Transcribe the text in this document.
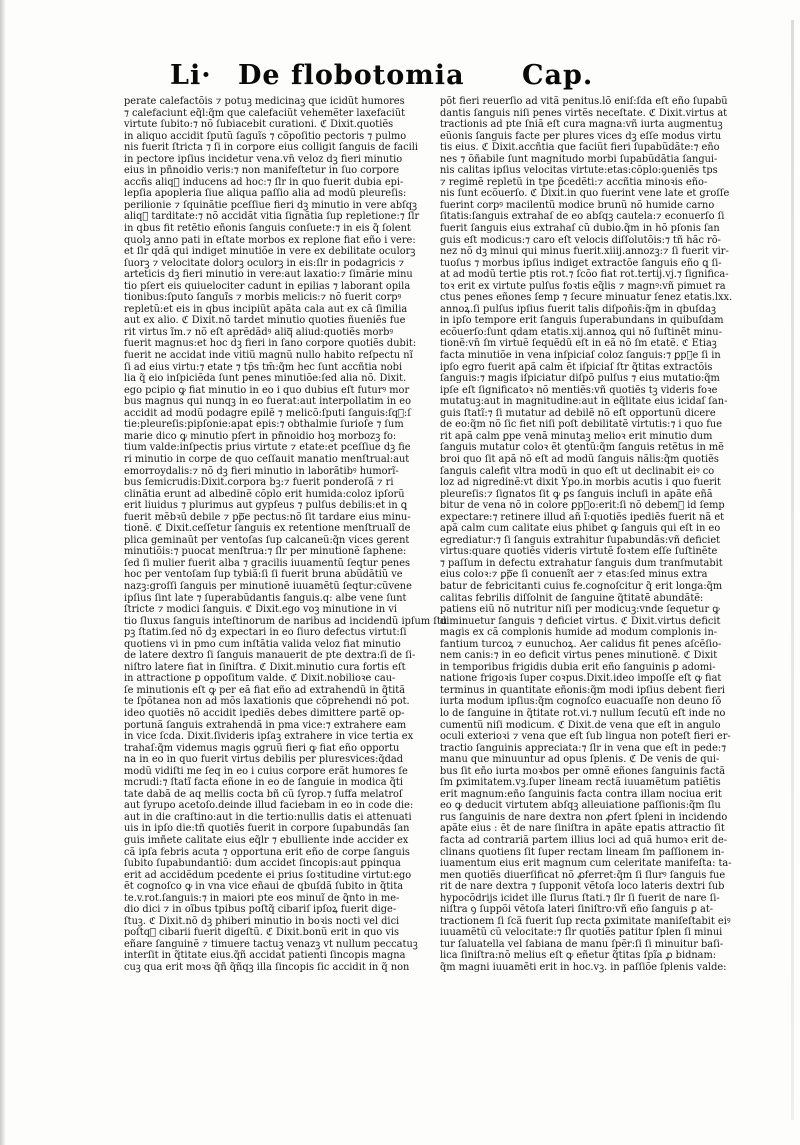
Li· De flobotomia Cap.
perate calefactõis ⁊ potuꝫ medicinaꝫ que icidũt humores
⁊ calefaciunt eq̃l:q̃m que calefaciũt vehemẽter laxefaciũt
virtute ſubito:⁊ nõ ſubiacebit curationi. ℭ Dixit.quotiẽs
in aliquo accidit ſputũ ſaguĩs ⁊ cõpoſitio pectoris ⁊ pulmo
nis fuerit ſtricta ⁊ ſi in corpore eius colligit ſanguis de facili
in pectore ipſius incidetur vena.vn̄ veloz dꝫ fieri minutio
eius in pñnoidio veris:⁊ non manifeſtetur in ſuo corpore
accñs aliqᷓ inducens ad hoc:⁊ ſlr in quo fuerit dubia epi-
lepſia apopleria ſiue aliqua paſſio alia ad modũ pleureſis:
perilionie ⁊ ſquinãtie pceſſiue fieri dꝫ minutio in vere abſqꝫ
aliqᷓ tarditate:⁊ nõ accidãt vitia ſignãtia ſup repletione:⁊ ſlr
in qbus fit retẽtio eñonis ſanguis conſuete:⁊ in eis q̃ ſolent
quolꝫ anno pati in eſtate morbos ex replone fiat eño i vere:
et ſlr qdã qui indiget minutiõe in vere ex debilitate oculorꝫ
ſuorꝫ ⁊ velocitate dolorꝫ oculorꝫ in eis:ſlr in podagricis ⁊
arteticis dꝫ fieri minutio in vere:aut laxatio:⁊ ſimãrie minu
tio pſert eis quiuelociter cadunt in epilias ⁊ laborant opila
tionibus:ſputo ſanguĩs ⁊ morbis melicis:⁊ nõ fuerit corpꝰ
repletũ:et eis in qbus incipiũt apãta cala aut ex cã ſimilia
aut ex alio. ℭ Dixit.nõ tardet minutio quoties ñueniẽs fue
rit virtus ĩm.⁊ nõ eſt aprẽdãdꝰ aliqᷓ aliud:quotiẽs morbꝰ
fuerit magnus:et hoc dꝫ fieri in ſano corpore quotiẽs dubit:
fuerit ne accidat inde vitiũ magnũ nullo habito reſpectu nĩ
ſi ad eius virtu:⁊ etate ⁊ tp̄s tm̄:q̃m hec ſunt accñtia nobi
lia q̃ eio inſpiciẽda ſunt penes minutiõe:ſed alia nõ. Dixit.
ego pcipio ꝙ fiat minutio in eo i quo dubius eſt futurꝰ mor
bus magnus qui nunqꝫ in eo fuerat:aut interpollatim in eo
accidit ad modũ podagre epilẽ ⁊ melicõ:ſputi ſanguis:ſqᷓ:ſ
tie:pleureſis:pipſonie:apat epis:⁊ obthalmie ſurioſe ⁊ ſum
marie dico ꝙ minutio pſert in pñnoidio hoꝫ morbozꝫ fo:
tium valde:inſpectis prius virtute ⁊ etate:et pceſſiue dꝫ fie
ri minutio in corpe de quo ceſſauit manatio menſtrual:aut
emorroydalis:⁊ nõ dꝫ fieri minutio in laborãtibꝰ humorĩ-
bus ſemicrudis:Dixit.corpora bꝫ:⁊ fuerit ponderoſã ⁊ ri
clinãtia erunt ad albedinẽ cõplo erit humida:coloz ipſorũ
erit liuidus ⁊ plurimus aut gypſeus ⁊ pulſus debilis:et in ꝗ
fuerit mẽbꝛũ debile ⁊ ppᷓe pectus:nõ ſit tardare eius minu-
tionẽ. ℭ Dixit.ceſſetur ſanguis ex retentione menſtrualĩ de
plica geminaũt per ventoſas ſup calcaneũ:q̃n vices gerent
minutiõis:⁊ puocat menſtrua:⁊ ſlr per minutionẽ ſaphene:
ſed ſi mulier fuerit alba ⁊ gracilis iuuamentũ ſeqtur penes
hoc per ventoſam ſup tybiã:ſi ſi fuerit bruna abũdãtiũ ve
nazꝫ:groſſi ſanguis per minutionẽ iuuamẽtũ ſeqtur:cũvene
ipſius ſint late ⁊ ſuperabũdantis ſanguis.q: albe vene ſunt
ſtricte ⁊ modici ſanguis. ℭ Dixit.ego voꝫ minutione in vi
tio ſluxus ſanguis inteſtinorum de naribus ad incidendũ ipſum ſtu
pꝫ ſtatim.ſed nõ dꝫ expectari in eo ſiuro defectus virtut:ſi
quotiens vi in pmo cum inſtãtia valida veloz fiat minutio
de latere dextro ſi ſanguis manauerit de pte dextra:ſi de ſi-
niſtro latere fiat in ſiniſtra. ℭ Dixit.minutio cura fortis eſt
in attractione ꝑ oppoſitum valde. ℭ Dixit.nobilioꝛe cau-
ſe minutionis eſt ꝙ per eã fiat eño ad extrahendũ in q̃titã
te ſpõtanea non ad mõs laxationis que cõprehendi nõ pot.
ideo quotiẽs nõ accidit ipediẽs debes dimittere partẽ op-
portunã ſanguis extrahendã in pma vice:⁊ extrahere eam
in vice ſcda. Dixit.ſivideris ipſaꝫ extrahere in vice tertia ex
trahaſ:q̃m videmus magis ꝯgruũ fieri ꝙ fiat eño opportu
na in eo in quo fuerit virtus debilis per pluresvices:q̃dad
modũ vidiſti me ſeq in eo i cuius corpore erãt humores ſe
mcrudi:⁊ ſtatĩ facta eñone in eo de ſanguie in modica q̃ti
tate dabã de aq mellis cocta bñ cũ ſyrop.⁊ ſuffa melatroſ
aut ſyrupo acetoſo.deinde illud faciebam in eo in code die:
aut in die craſtino:aut in die tertio:nullis datis ei attenuati
uis in ipſo die:tñ quotiẽs fuerit in corpore ſupabundãs ſan
guis imñete calitate eius eq̃lr ⁊ ebulliente inde accider ex
cã ipſa febris acuta ⁊ opportuna erit eño de corpe ſanguis
ſubito ſupabundantiõ: dum accidet ſincopis:aut ꝑpinqua
erit ad accidẽdum pcedente ei prius ſoꝛtitudine virtut:ego
ẽt cognoſco ꝙ in vna vice eñaui de qbuſdã ſubito in q̃tita
te.v.rot.ſanguis:⁊ in maiori pte eos minuĩ de q̃nto in me-
dio dici ⁊ in oĩbus tpibus poſtq̃ cibariſ ipſoꝝ fuerit dige-
ſtuꝫ. ℭ Dixit.nõ dꝫ phiberi minutio in boꝛis nocti vel dici
poſtqᷓ cibarii fuerit digeſtũ. ℭ Dixit.bonũ erit in quo vis
eñare ſanguinẽ ⁊ timuere tactuꝫ venazꝫ vt nullum peccatuꝫ
interſit in q̃titate eius.q̃ñ accidat patienti ſincopis magna
cuꝫ qua erit moꝛs q̃ñ q̃ñqꝫ illa ſincopis ſic accidit in q̃ non
põt fieri reuerſio ad vitã penitus.lõ eniſ:ſda eſt eño ſupabũ
dantis ſanguis niſi penes virtẽs neceſtate. ℭ Dixit.virtus at
tractionis ad pte ſniã eſt cura magna:vñ iurta augmentuꝫ
eũonis ſanguis facte per plures vices dꝫ eſſe modus virtu
tis eius. ℭ Dixit.accñtia que faciũt fieri ſupabũdãte:⁊ eño
nes ⁊ õñabile ſunt magnitudo morbi ſupabũdãtia ſangui-
nis calitas ipſius velocitas virtute:etas:cõplo:ꝯueniẽs tps
⁊ regimẽ repletũ in tpe p̃cedẽti:⁊ accñtia minoꝛis eño-
nis ſunt ecõuerſo. ℭ Dixit.in quo fuerint vene late et groſſe
fuerint corpꝰ macilentũ modice brunũ nõ humide carno
ſitatis:ſanguis extrahaſ de eo abſqꝫ cautela:⁊ econuerſo ſi
fuerit ſanguis eius extrahaſ cũ dubio.q̃m in hõ pſonis ſan
guis eſt modicus:⁊ caro eſt velocis diſſolutõis:⁊ tñ hãc rõ-
nez nõ dꝫ minui qui minus fuerit.xiiij.annozꝫ:⁊ ſi fuerit vir-
tuoſus ⁊ morbus ipſius indiget extractõe ſanguis eño ꝗ ſi-
at ad modũ tertie ptis rot.⁊ ſcõo fiat rot.tertij.vj.⁊ ſignifica-
toꝛ erit ex virtute pulſus foꝛtis eq̃lis ⁊ magnꝰ:vñ pimuet ra
ctus penes eñones ſemp ⁊ ſecure minuatur ſenez etatis.lxx.
annoꝝ.ſi pulſus ipſius fuerit talis diſpoñis:q̃m in qbuſdaꝫ
in ipſo tempore erit ſanguis ſuperabundans in quibuſdam
ecõuerſo:ſunt qdam etatis.xij.annoꝝ qui nõ ſuſtinẽt minu-
tionẽ:vn̄ ſm virtuẽ ſequẽdũ eſt in eã nõ ſm etatẽ. ℭ Etiaꝫ
facta minutiõe in vena inſpiciaſ coloz ſanguis:⁊ ꝑpᷓe ſi in
ipſo egro fuerit apã calm ẽt iſpiciaſ ſtr q̃titas extractõis
ſanguis:⁊ magis iſpiciatur diſpõ pulſus ⁊ eius mutatio:q̃m
ipſe eſt ſignificatoꝛ nõ mentiẽs:vñ quotiẽs tꝫ videris foꝛe
mutatuꝫ:aut in magnitudine:aut in eq̃litate eius icidaſ ſan-
guis ſtatĩ:⁊ ſi mutatur ad debilẽ nõ eſt opportunũ dicere
de eo:q̃m nõ ſic fiet niſi poſt debilitatẽ virtutis:⁊ i quo fue
rit apã calm ꝑpe venã minutaꝫ melioꝛ erit minutio dum
ſanguis mutatur coloꝛ ẽt ꝯtentũ:q̃m ſanguis retẽtus in mẽ
broi quo ſit apã nõ eſt ad modũ ſanguis nãlis:q̃m quotiẽs
ſanguis calefit vltra modũ in quo eſt ut declinabit eiꝰ co
loz ad nigredinẽ:vt dixit Ypo.in morbis acutis i quo fuerit
pleureſis:⁊ ſignatos ſit ꝙ ꝑs ſanguis incluſi in apãte eñã
bitur de vena nõ in colore ꝑpᷓo:erit:ſi nõ debemꝰ id ſemp
expectare:⁊ retinere illud añ ĩ:quotiẽs ipediẽs fuerit nã et
apã calm cum calitate eius phibet ꝙ ſanguis qui eſt in eo
egrediatur:⁊ ſi ſanguis extrahitur ſupabundãs:vñ deficiet
virtus:quare quotiẽs videris virtutẽ foꝛtem eſſe ſuſtinẽte
⁊ paſſum in defectu extrahatur ſanguis dum tranſmutabit
eius coloꝛ:⁊ ꝑpᷓe ſi conuenĩt aer ⁊ etas:ſed minus extra
batur de febricitanti cuius fe.cognoſcitur q̃ erit longa:q̃m
calitas febrilis diſſolnit de ſanguine q̃titatẽ abundãtẽ:
patiens eiũ nõ nutritur niſi per modicuꝫ:vnde ſequetur ꝙ
diminuetur ſanguis ⁊ deficiet virtus. ℭ Dixit.virtus deficit
magis ex cã complonis humide ad modum complonis in-
fantium turcoꝝ ⁊ eunuchoꝝ. Aer calidus fit penes aſcẽſio-
nem canis:⁊ in eo deficit virtus penes minutionẽ. ℭ Dixit
in temporibus frigidis dubia erit eño ſanguinis ꝑ adomi-
natione frigoꝛis ſuper coꝛpus.Dixit.ideo impoſſe eſt ꝙ fiat
terminus in quantitate eñonis:q̃m modi ipſius debent fieri
iurta modum ipſius:q̃m cognoſco euacuaſſe non deuno ſõ
lo de ſanguine in q̃titate rot.vi.⁊ nullum ſecutũ eſt inde no
cumentũ niſi modicum. ℭ Dixit.de vena que eſt in angulo
oculi exterioꝛi ⁊ vena que eſt ſub lingua non poteſt fieri er-
tractio ſanguinis appreciata:⁊ ſlr in vena que eſt in pede:⁊
manu que minuuntur ad opus ſplenis. ℭ De venis de qui-
bus ſit eño iurta moꝛbos per omnẽ eñones ſanguinis factã
ſm ꝑximitatem.vꝫ.ſuper lineam rectã iuuamẽtum patiẽtis
erit magnum:eño ſanguinis facta contra illam nociua erit
eo ꝙ deducit virtutem abſqꝫ alleuiatione paſſionis:q̃m ſlu
rus ſanguinis de nare dextra non ꝓfert ſpleni in incidendo
apãte eius : ẽt de nare ſiniſtra in apãte epatis attractio ſit
facta ad contrariã partem illius loci ad quã humoꝛ erit de-
clinans quotiens ſit ſuper rectam lineam ſm paſſionem in-
iuamentum eius erit magnum cum celeritate manifeſta: ta-
men quotiẽs diuerſificat nõ ꝓferret:q̃m ſi ſlurꝰ ſanguis fue
rit de nare dextra ⁊ ſupponit vẽtoſa loco lateris dextri ſub
hypocõdrijs icidet ille ſlurus ſtati.⁊ ſlr ſi fuerit de nare ſi-
niſtra ꝯ ſuppõi vẽtoſa lateri ſiniſtro:vñ eño ſanguis ꝑ at-
tractionem ſi ſcã fuerit ſup recta ꝑximitate maniſeſtabit eiꝰ
iuuamẽtũ cũ velocitate:⁊ ſlr quotiẽs patitur ſplen ſi minui
tur ſaluatella vel ſabiana de manu ſpẽr:ſi ſi minuitur baſi-
lica ſiniſtra:nõ melius eſt ꝙ eñetur q̃titas ſpĩa ꝓ bidnam:
q̃m magni iuuamẽti erit in hoc.vꝫ. in paſſiõe ſplenis valde:
